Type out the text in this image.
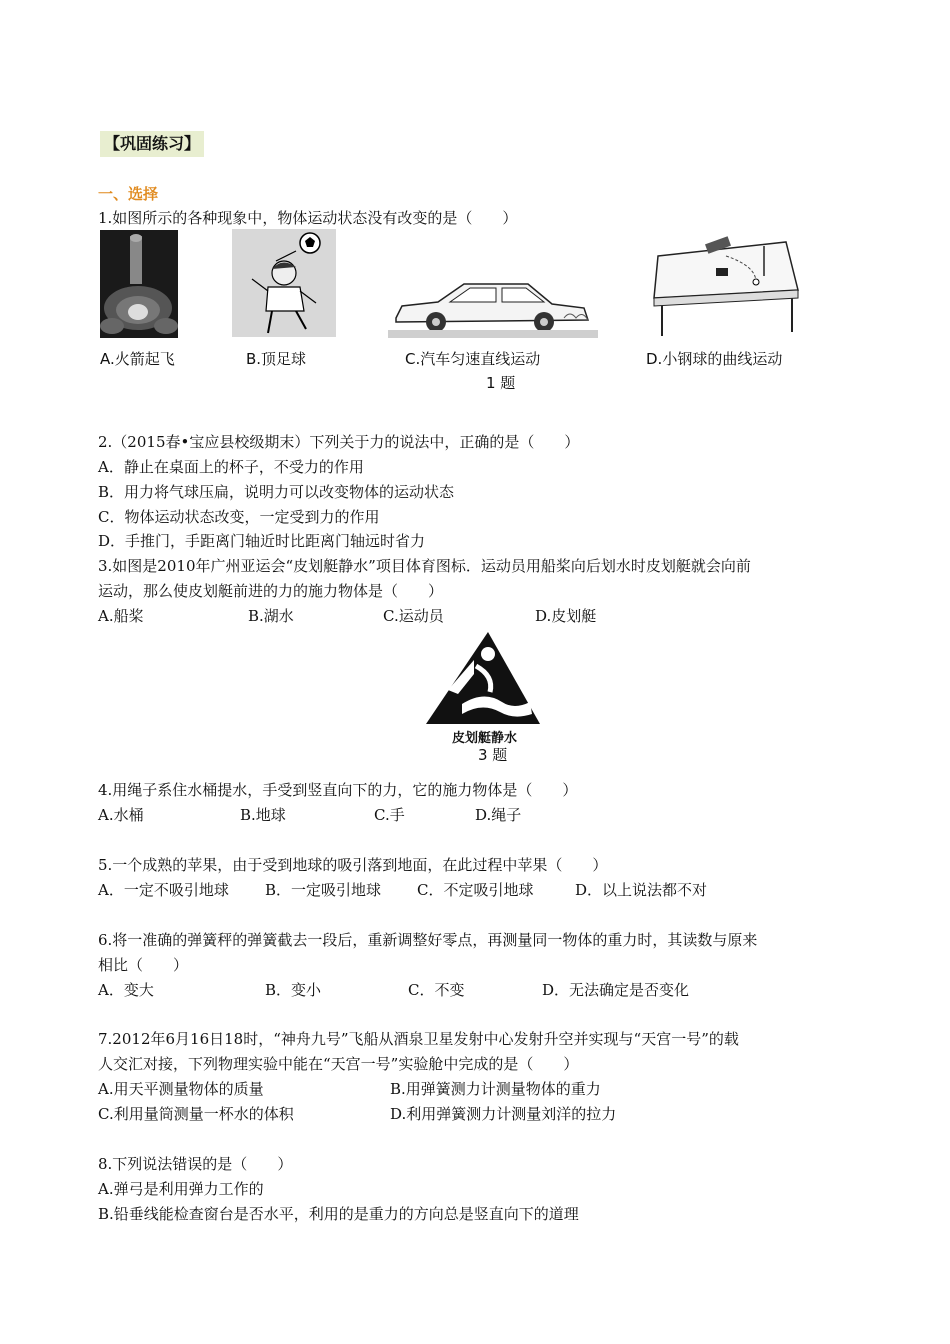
【巩固练习】
一、选择
1.如图所示的各种现象中，物体运动状态没有改变的是（　　）
A.火箭起飞	B.顶足球	C.汽车匀速直线运动
1 题
D.小钢球的曲线运动
2.（2015春•宝应县校级期末）下列关于力的说法中，正确的是（　　）
A．静止在桌面上的杯子，不受力的作用
B．用力将气球压扁，说明力可以改变物体的运动状态
C．物体运动状态改变，一定受到力的作用
D．手推门，手距离门轴近时比距离门轴远时省力
3.如图是2010年广州亚运会“皮划艇静水”项目体育图标．运动员用船桨向后划水时皮划艇就会向前
运动，那么使皮划艇前进的力的施力物体是（　　）
A.船桨	B.湖水	C.运动员	D.皮划艇
皮划艇静水
3 题
4.用绳子系住水桶提水，手受到竖直向下的力，它的施力物体是（　　）
A.水桶	B.地球	C.手	D.绳子
5.一个成熟的苹果，由于受到地球的吸引落到地面，在此过程中苹果（　　）
A．一定不吸引地球 B．一定吸引地球 C．不定吸引地球	D．以上说法都不对
6.将一准确的弹簧秤的弹簧截去一段后，重新调整好零点，再测量同一物体的重力时，其读数与原来
相比（　　）
A．变大	B．变小	C．不变	D．无法确定是否变化
7.2012年6月16日18时，“神舟九号”飞船从酒泉卫星发射中心发射升空并实现与“天宫一号”的载
人交汇对接，下列物理实验中能在“天宫一号”实验舱中完成的是（　　）
A.用天平测量物体的质量	B.用弹簧测力计测量物体的重力
C.利用量筒测量一杯水的体积	D.利用弹簧测力计测量刘洋的拉力
8.下列说法错误的是（　　）
A.弹弓是利用弹力工作的
B.铅垂线能检查窗台是否水平，利用的是重力的方向总是竖直向下的道理
